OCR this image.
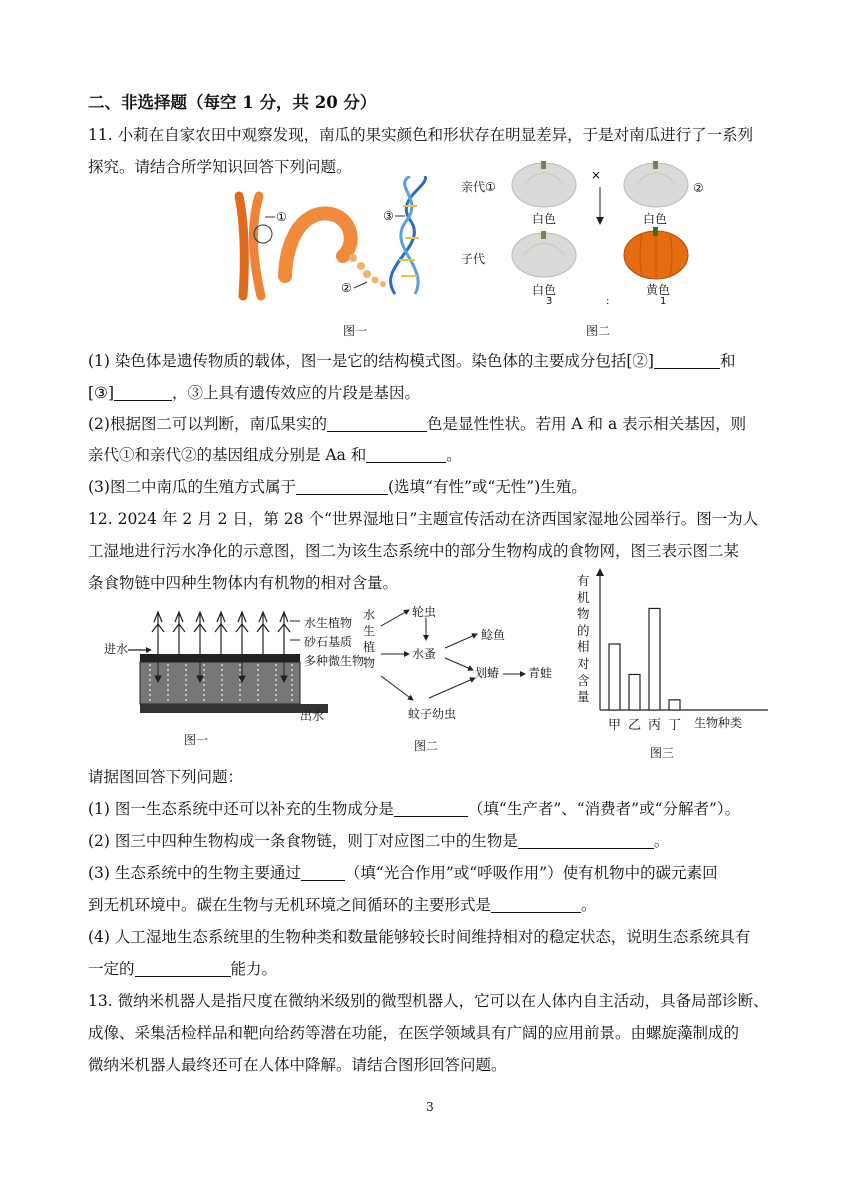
二、非选择题（每空 1 分，共 20 分）
11. 小莉在自家农田中观察发现，南瓜的果实颜色和形状存在明显差异，于是对南瓜进行了一系列
探究。请结合所学知识回答下列问题。
①	③
②
图一
亲代①
×
②
白色	白色
子代
白色	黄色
3	:	1
图二
(1) 染色体是遗传物质的载体，图一是它的结构模式图。染色体的主要成分包括[②]	和
[③]	，③上具有遗传效应的片段是基因。
(2)根据图二可以判断，南瓜果实的	色是显性性状。若用 A 和 a 表示相关基因，则
亲代①和亲代②的基因组成分别是 Aa 和	。
(3)图二中南瓜的生殖方式属于	(选填“有性”或“无性”)生殖。
12. 2024 年 2 月 2 日，第 28 个“世界湿地日”主题宣传活动在济西国家湿地公园举行。图一为人
工湿地进行污水净化的示意图，图二为该生态系统中的部分生物构成的食物网，图三表示图二某
条食物链中四种生物体内有机物的相对含量。
进水
水生植物
砂石基质
多种微生物
出水
图一
水生植物
轮虫
水蚤
鲶鱼
划蝽 青蛙
蚊子幼虫
图二
有机物的相对含量
甲 乙 丙 丁 生物种类
图三
请据图回答下列问题：
(1) 图一生态系统中还可以补充的生物成分是	（填“生产者”、“消费者”或“分解者”）。
(2) 图三中四种生物构成一条食物链，则丁对应图二中的生物是	。
(3) 生态系统中的生物主要通过	（填“光合作用”或“呼吸作用”）使有机物中的碳元素回
到无机环境中。碳在生物与无机环境之间循环的主要形式是	。
(4) 人工湿地生态系统里的生物种类和数量能够较长时间维持相对的稳定状态，说明生态系统具有
一定的	能力。
13. 微纳米机器人是指尺度在微纳米级别的微型机器人，它可以在人体内自主活动，具备局部诊断、
成像、采集活检样品和靶向给药等潜在功能，在医学领域具有广阔的应用前景。由螺旋藻制成的
微纳米机器人最终还可在人体中降解。请结合图形回答问题。
3
